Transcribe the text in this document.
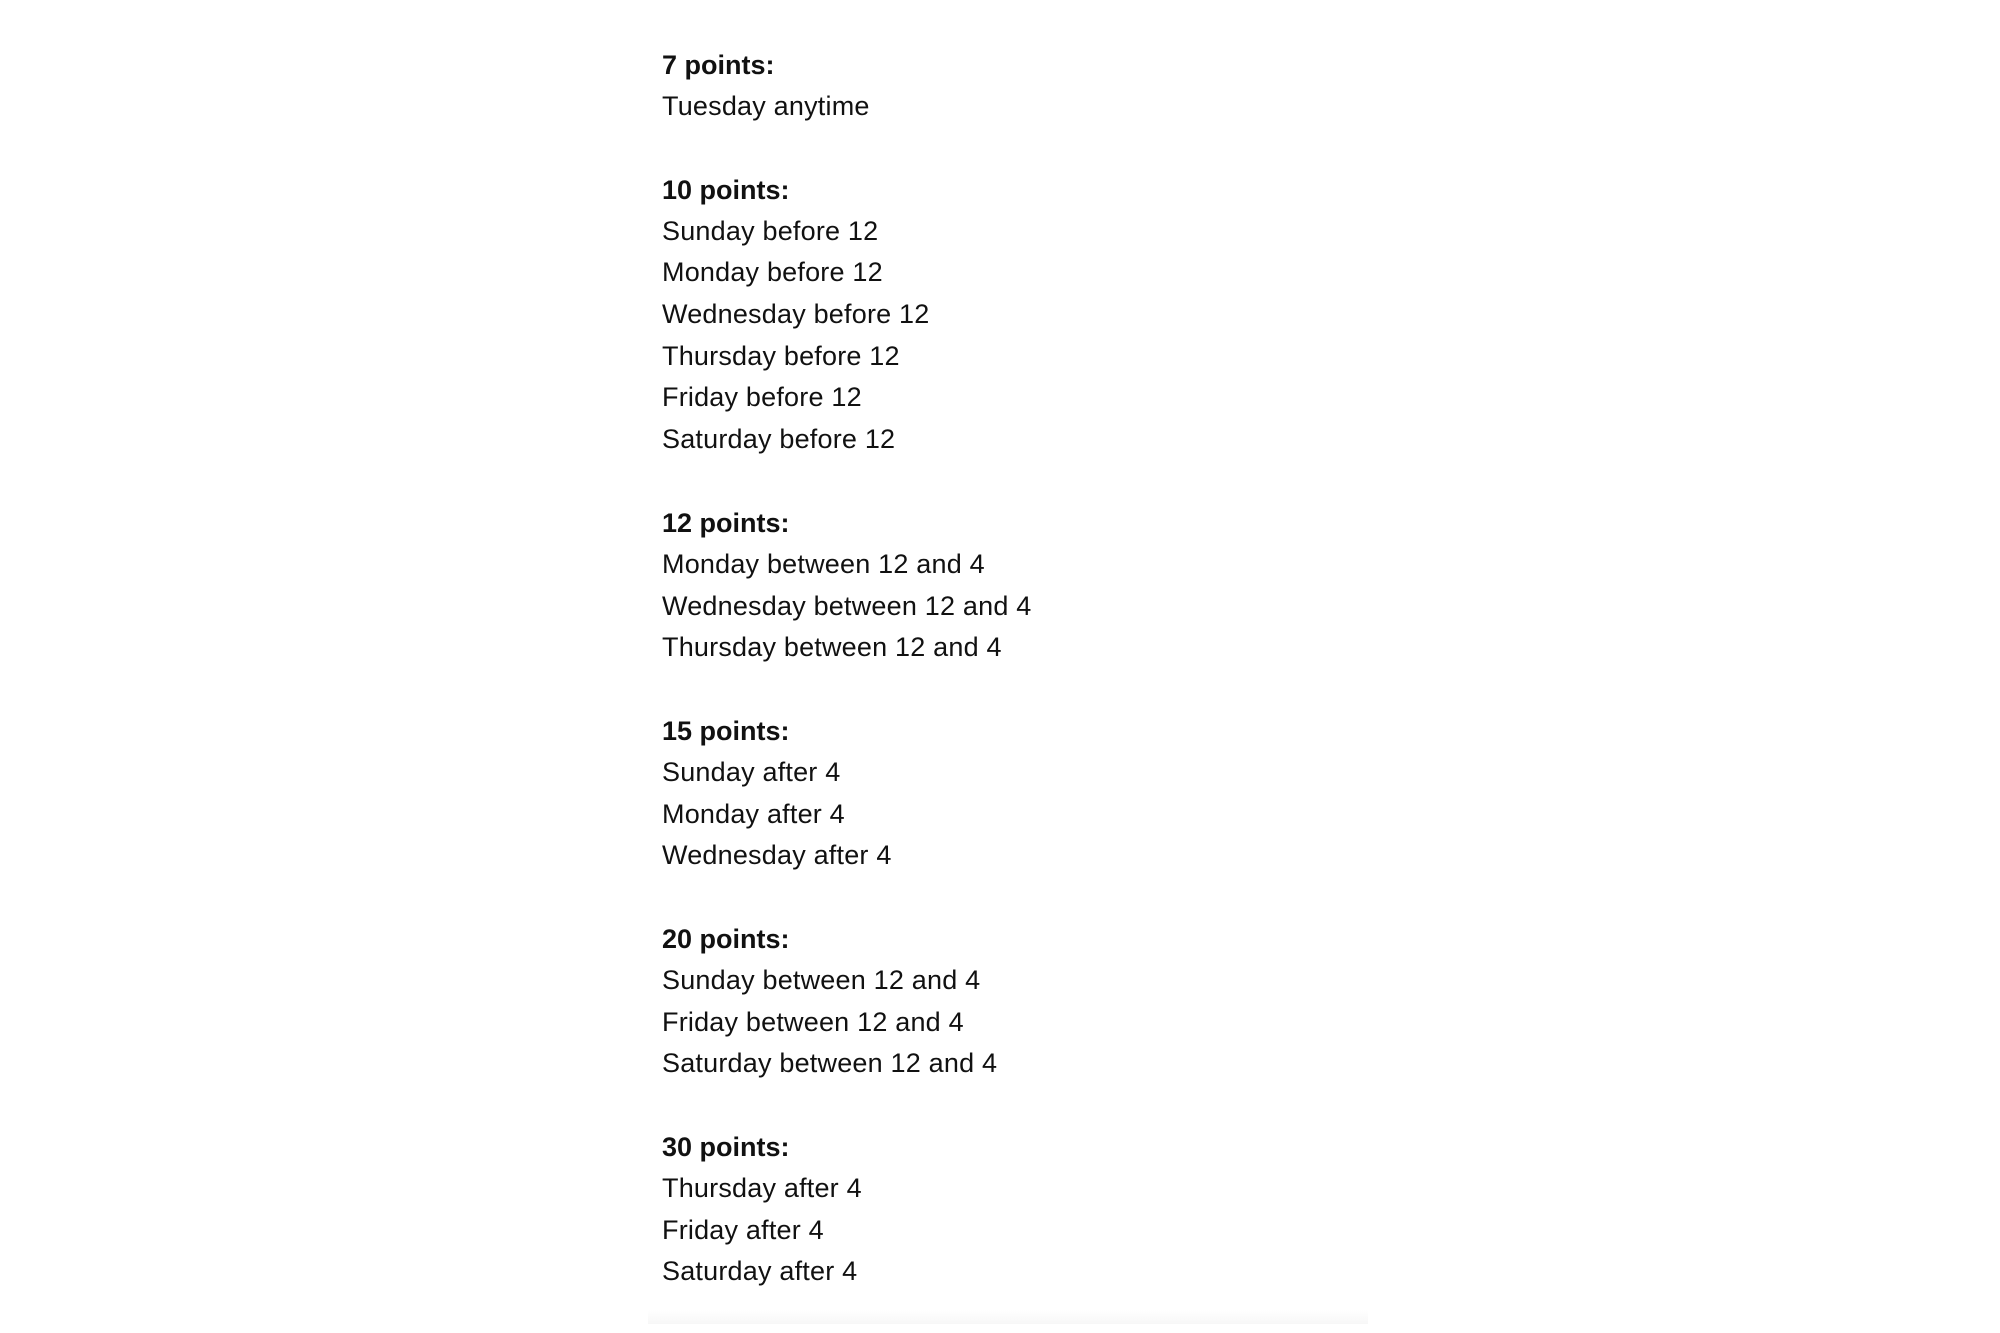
7 points:
Tuesday anytime
10 points:
Sunday before 12
Monday before 12
Wednesday before 12
Thursday before 12
Friday before 12
Saturday before 12
12 points:
Monday between 12 and 4
Wednesday between 12 and 4
Thursday between 12 and 4
15 points:
Sunday after 4
Monday after 4
Wednesday after 4
20 points:
Sunday between 12 and 4
Friday between 12 and 4
Saturday between 12 and 4
30 points:
Thursday after 4
Friday after 4
Saturday after 4
